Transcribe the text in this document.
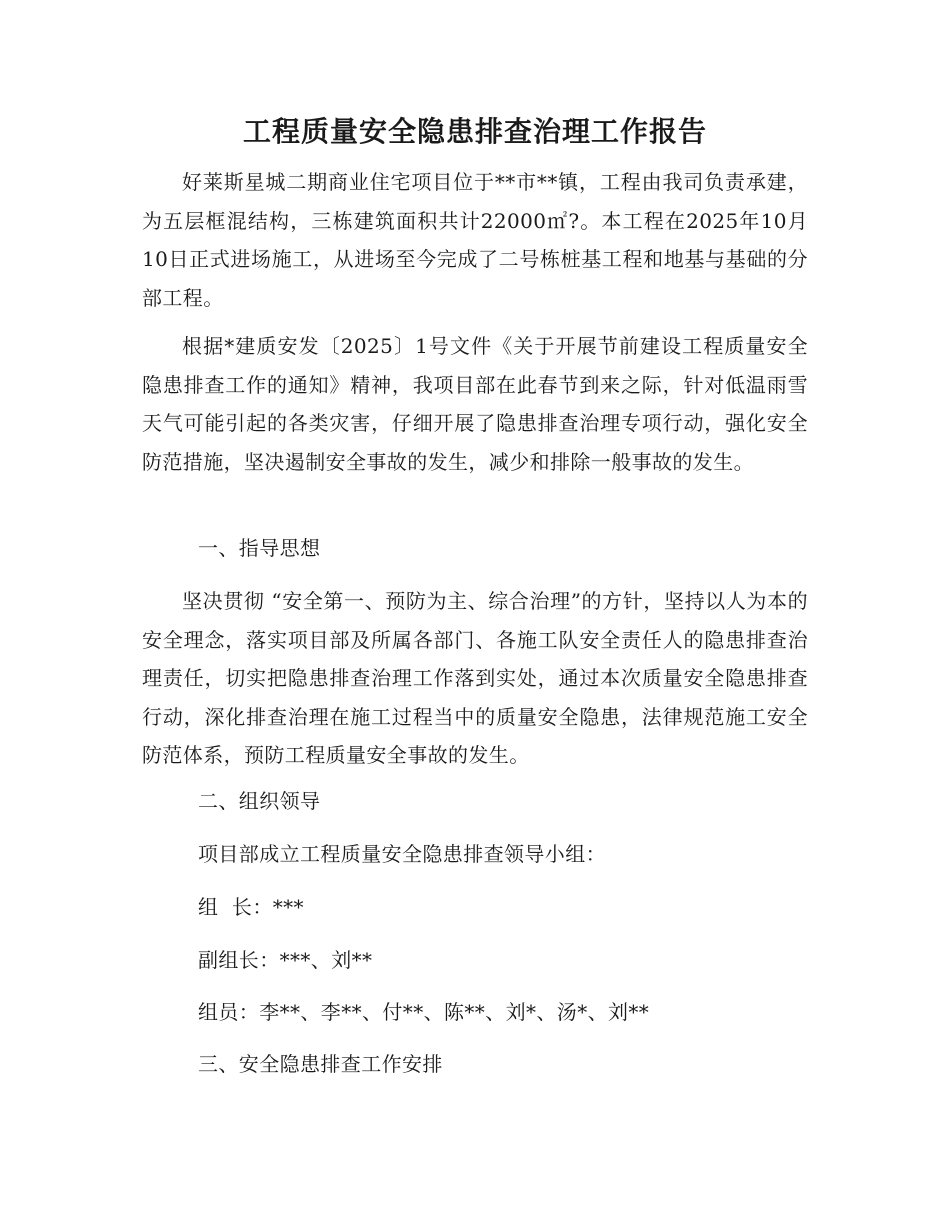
工程质量安全隐患排查治理工作报告

好莱斯星城二期商业住宅项目位于**市**镇，工程由我司负责承建，为五层框混结构，三栋建筑面积共计22000㎡?。本工程在2025年10月10日正式进场施工，从进场至今完成了二号栋桩基工程和地基与基础的分部工程。

根据*建质安发〔2025〕1号文件《关于开展节前建设工程质量安全隐患排查工作的通知》精神，我项目部在此春节到来之际，针对低温雨雪天气可能引起的各类灾害，仔细开展了隐患排查治理专项行动，强化安全防范措施，坚决遏制安全事故的发生，减少和排除一般事故的发生。

一、指导思想

坚决贯彻 “安全第一、预防为主、综合治理”的方针，坚持以人为本的安全理念，落实项目部及所属各部门、各施工队安全责任人的隐患排查治理责任，切实把隐患排查治理工作落到实处，通过本次质量安全隐患排查行动，深化排查治理在施工过程当中的质量安全隐患，法律规范施工安全防范体系，预防工程质量安全事故的发生。

二、组织领导

项目部成立工程质量安全隐患排查领导小组：

组  长：***

副组长：***、刘**

组员：李**、李**、付**、陈**、刘*、汤*、刘**

三、安全隐患排查工作安排
